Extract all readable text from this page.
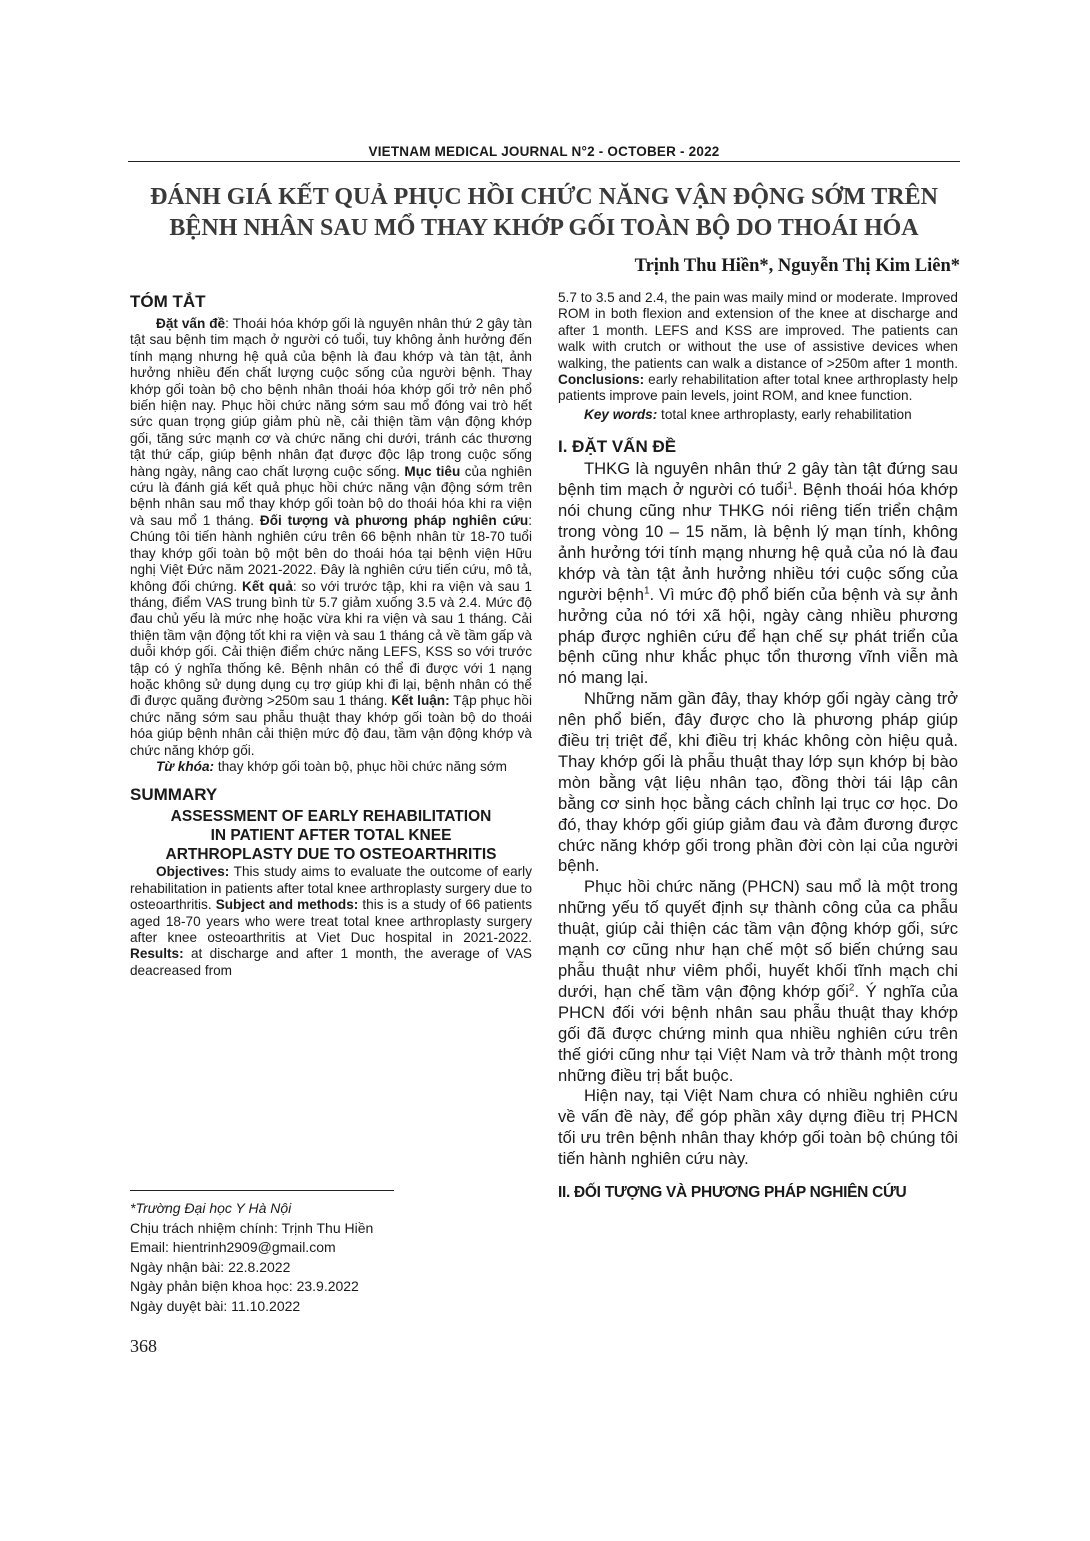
VIETNAM MEDICAL JOURNAL N°2 - OCTOBER - 2022
ĐÁNH GIÁ KẾT QUẢ PHỤC HỒI CHỨC NĂNG VẬN ĐỘNG SỚM TRÊN
BỆNH NHÂN SAU MỔ THAY KHỚP GỐI TOÀN BỘ DO THOÁI HÓA
Trịnh Thu Hiền*, Nguyễn Thị Kim Liên*
TÓM TẮT

Đặt vấn đề: Thoái hóa khớp gối là nguyên nhân thứ 2 gây tàn tật sau bệnh tim mạch ở người có tuổi, tuy không ảnh hưởng đến tính mạng nhưng hệ quả của bệnh là đau khớp và tàn tật, ảnh hưởng nhiều đến chất lượng cuộc sống của người bệnh. Thay khớp gối toàn bộ cho bệnh nhân thoái hóa khớp gối trở nên phổ biến hiện nay. Phục hồi chức năng sớm sau mổ đóng vai trò hết sức quan trọng giúp giảm phù nề, cải thiện tầm vận động khớp gối, tăng sức mạnh cơ và chức năng chi dưới, tránh các thương tật thứ cấp, giúp bệnh nhân đạt được độc lập trong cuộc sống hàng ngày, nâng cao chất lượng cuộc sống. Mục tiêu của nghiên cứu là đánh giá kết quả phục hồi chức năng vận động sớm trên bệnh nhân sau mổ thay khớp gối toàn bộ do thoái hóa khi ra viện và sau mổ 1 tháng. Đối tượng và phương pháp nghiên cứu: Chúng tôi tiến hành nghiên cứu trên 66 bệnh nhân từ 18-70 tuổi thay khớp gối toàn bộ một bên do thoái hóa tại bệnh viện Hữu nghị Việt Đức năm 2021-2022. Đây là nghiên cứu tiến cứu, mô tả, không đối chứng. Kết quả: so với trước tập, khi ra viện và sau 1 tháng, điểm VAS trung bình từ 5.7 giảm xuống 3.5 và 2.4. Mức độ đau chủ yếu là mức nhẹ hoặc vừa khi ra viện và sau 1 tháng. Cải thiện tầm vận động tốt khi ra viện và sau 1 tháng cả về tầm gấp và duỗi khớp gối. Cải thiện điểm chức năng LEFS, KSS so với trước tập có ý nghĩa thống kê. Bệnh nhân có thể đi được với 1 nạng hoặc không sử dụng dụng cụ trợ giúp khi đi lại, bệnh nhân có thể đi được quãng đường >250m sau 1 tháng. Kết luận: Tập phục hồi chức năng sớm sau phẫu thuật thay khớp gối toàn bộ do thoái hóa giúp bệnh nhân cải thiện mức độ đau, tầm vận động khớp và chức năng khớp gối.

Từ khóa: thay khớp gối toàn bộ, phục hồi chức năng sớm

SUMMARY
ASSESSMENT OF EARLY REHABILITATION
IN PATIENT AFTER TOTAL KNEE
ARTHROPLASTY DUE TO OSTEOARTHRITIS

Objectives: This study aims to evaluate the outcome of early rehabilitation in patients after total knee arthroplasty surgery due to osteoarthritis. Subject and methods: this is a study of 66 patients aged 18-70 years who were treat total knee arthroplasty surgery after knee osteoarthritis at Viet Duc hospital in 2021-2022. Results: at discharge and after 1 month, the average of VAS deacreased from

5.7 to 3.5 and 2.4, the pain was maily mind or moderate. Improved ROM in both flexion and extension of the knee at discharge and after 1 month. LEFS and KSS are improved. The patients can walk with crutch or without the use of assistive devices when walking, the patients can walk a distance of >250m after 1 month. Conclusions: early rehabilitation after total knee arthroplasty help patients improve pain levels, joint ROM, and knee function.

Key words: total knee arthroplasty, early rehabilitation

I. ĐẶT VẤN ĐỀ

THKG là nguyên nhân thứ 2 gây tàn tật đứng sau bệnh tim mạch ở người có tuổi$^1$. Bệnh thoái hóa khớp nói chung cũng như THKG nói riêng tiến triển chậm trong vòng 10 – 15 năm, là bệnh lý mạn tính, không ảnh hưởng tới tính mạng nhưng hệ quả của nó là đau khớp và tàn tật ảnh hưởng nhiều tới cuộc sống của người bệnh$^1$. Vì mức độ phổ biến của bệnh và sự ảnh hưởng của nó tới xã hội, ngày càng nhiều phương pháp được nghiên cứu để hạn chế sự phát triển của bệnh cũng như khắc phục tổn thương vĩnh viễn mà nó mang lại.

Những năm gần đây, thay khớp gối ngày càng trở nên phổ biến, đây được cho là phương pháp giúp điều trị triệt để, khi điều trị khác không còn hiệu quả. Thay khớp gối là phẫu thuật thay lớp sụn khớp bị bào mòn bằng vật liệu nhân tạo, đồng thời tái lập cân bằng cơ sinh học bằng cách chỉnh lại trục cơ học. Do đó, thay khớp gối giúp giảm đau và đảm đương được chức năng khớp gối trong phần đời còn lại của người bệnh.

Phục hồi chức năng (PHCN) sau mổ là một trong những yếu tố quyết định sự thành công của ca phẫu thuật, giúp cải thiện các tầm vận động khớp gối, sức mạnh cơ cũng như hạn chế một số biến chứng sau phẫu thuật như viêm phổi, huyết khối tĩnh mạch chi dưới, hạn chế tầm vận động khớp gối$^2$. Ý nghĩa của PHCN đối với bệnh nhân sau phẫu thuật thay khớp gối đã được chứng minh qua nhiều nghiên cứu trên thế giới cũng như tại Việt Nam và trở thành một trong những điều trị bắt buộc.

Hiện nay, tại Việt Nam chưa có nhiều nghiên cứu về vấn đề này, để góp phần xây dựng điều trị PHCN tối ưu trên bệnh nhân thay khớp gối toàn bộ chúng tôi tiến hành nghiên cứu này.

II. ĐỐI TƯỢNG VÀ PHƯƠNG PHÁP NGHIÊN CỨU
*Trường Đại học Y Hà Nội
Chịu trách nhiệm chính: Trịnh Thu Hiền
Email: hientrinh2909@gmail.com
Ngày nhận bài: 22.8.2022
Ngày phản biện khoa học: 23.9.2022
Ngày duyệt bài: 11.10.2022
368
